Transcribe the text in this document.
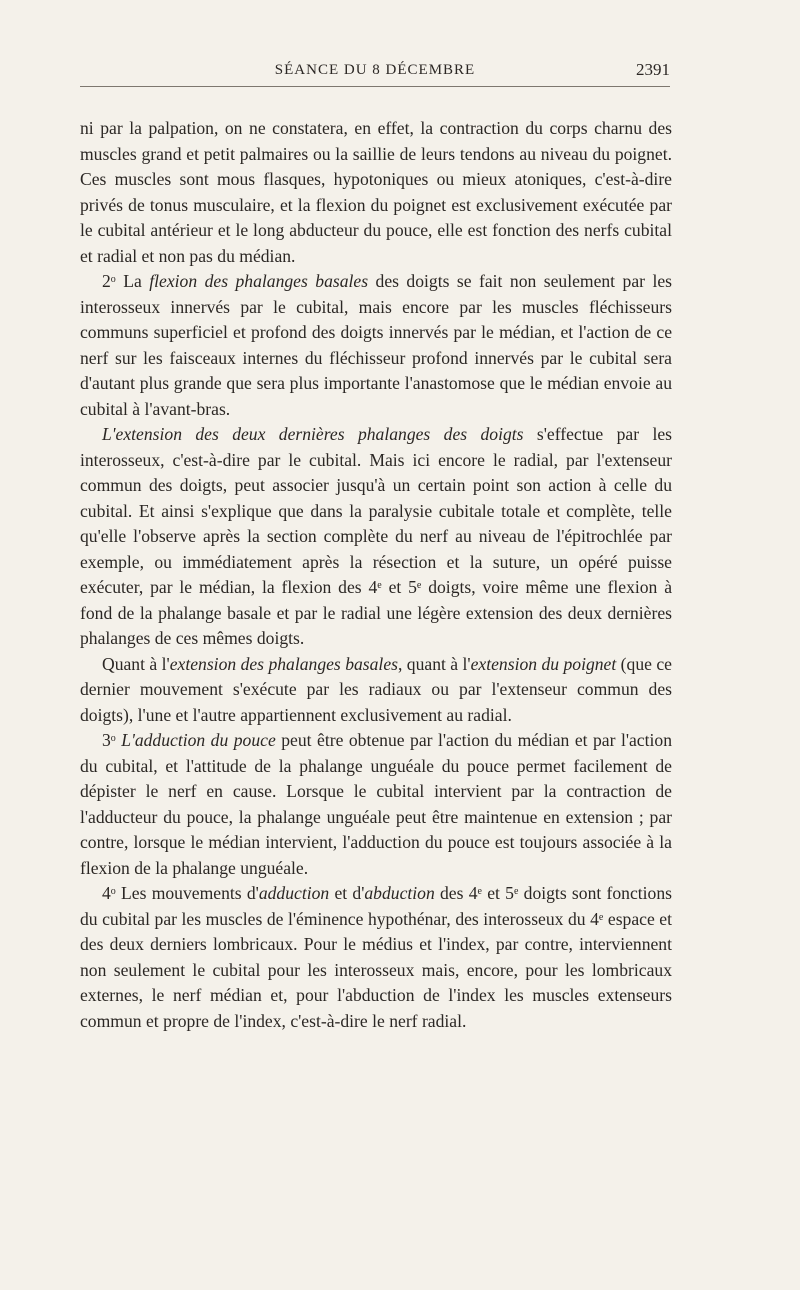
SÉANCE DU 8 DÉCEMBRE	2391

ni par la palpation, on ne constatera, en effet, la contraction du corps charnu des muscles grand et petit palmaires ou la saillie de leurs tendons au niveau du poignet. Ces muscles sont mous flasques, hypotoniques ou mieux atoniques, c'est-à-dire privés de tonus musculaire, et la flexion du poignet est exclusivement exécutée par le cubital antérieur et le long abducteur du pouce, elle est fonction des nerfs cubital et radial et non pas du médian.

2$^o$ La flexion des phalanges basales des doigts se fait non seulement par les interosseux innervés par le cubital, mais encore par les muscles fléchisseurs communs superficiel et profond des doigts innervés par le médian, et l'action de ce nerf sur les faisceaux internes du fléchisseur profond innervés par le cubital sera d'autant plus grande que sera plus importante l'anastomose que le médian envoie au cubital à l'avant-bras.

L'extension des deux dernières phalanges des doigts s'effectue par les interosseux, c'est-à-dire par le cubital. Mais ici encore le radial, par l'extenseur commun des doigts, peut associer jusqu'à un certain point son action à celle du cubital. Et ainsi s'explique que dans la paralysie cubitale totale et complète, telle qu'elle l'observe après la section complète du nerf au niveau de l'épitrochlée par exemple, ou immédiatement après la résection et la suture, un opéré puisse exécuter, par le médian, la flexion des 4e et 5e doigts, voire même une flexion à fond de la phalange basale et par le radial une légère extension des deux dernières phalanges de ces mêmes doigts.

Quant à l'extension des phalanges basales, quant à l'extension du poignet (que ce dernier mouvement s'exécute par les radiaux ou par l'extenseur commun des doigts), l'une et l'autre appartiennent exclusivement au radial.

3$^o$ L'adduction du pouce peut être obtenue par l'action du médian et par l'action du cubital, et l'attitude de la phalange unguéale du pouce permet facilement de dépister le nerf en cause. Lorsque le cubital intervient par la contraction de l'adducteur du pouce, la phalange unguéale peut être maintenue en extension ; par contre, lorsque le médian intervient, l'adduction du pouce est toujours associée à la flexion de la phalange unguéale.

4$^o$ Les mouvements d'adduction et d'abduction des 4e et 5e doigts sont fonctions du cubital par les muscles de l'éminence hypothénar, des interosseux du 4e espace et des deux derniers lombricaux. Pour le médius et l'index, par contre, interviennent non seulement le cubital pour les interosseux mais, encore, pour les lombricaux externes, le nerf médian et, pour l'abduction de l'index les muscles extenseurs commun et propre de l'index, c'est-à-dire le nerf radial.
